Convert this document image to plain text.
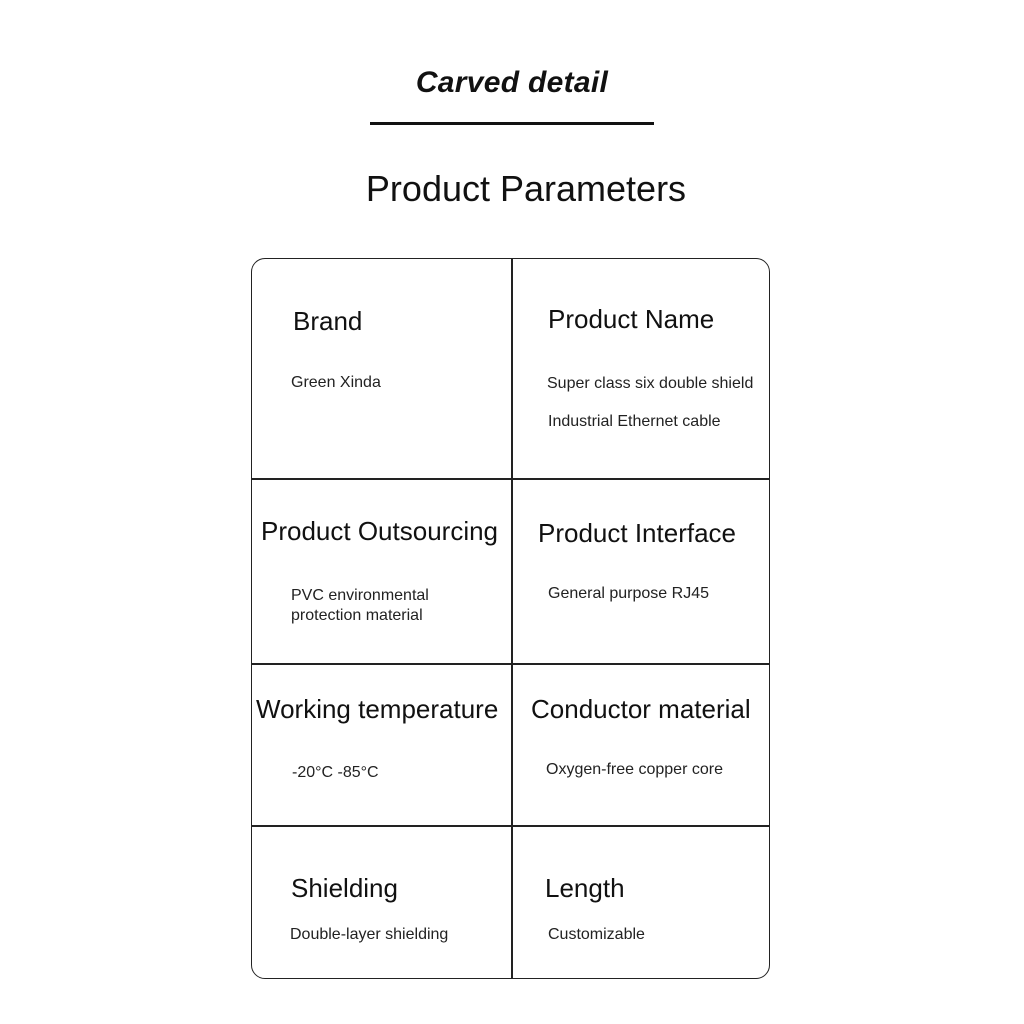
Carved detail
Product Parameters
Brand
Green Xinda
Product Name
Super class six double shield
Industrial Ethernet cable
Product Outsourcing
PVC environmental
protection material
Product Interface
General purpose RJ45
Working temperature
-20°C -85°C
Conductor material
Oxygen-free copper core
Shielding
Double-layer shielding
Length
Customizable
